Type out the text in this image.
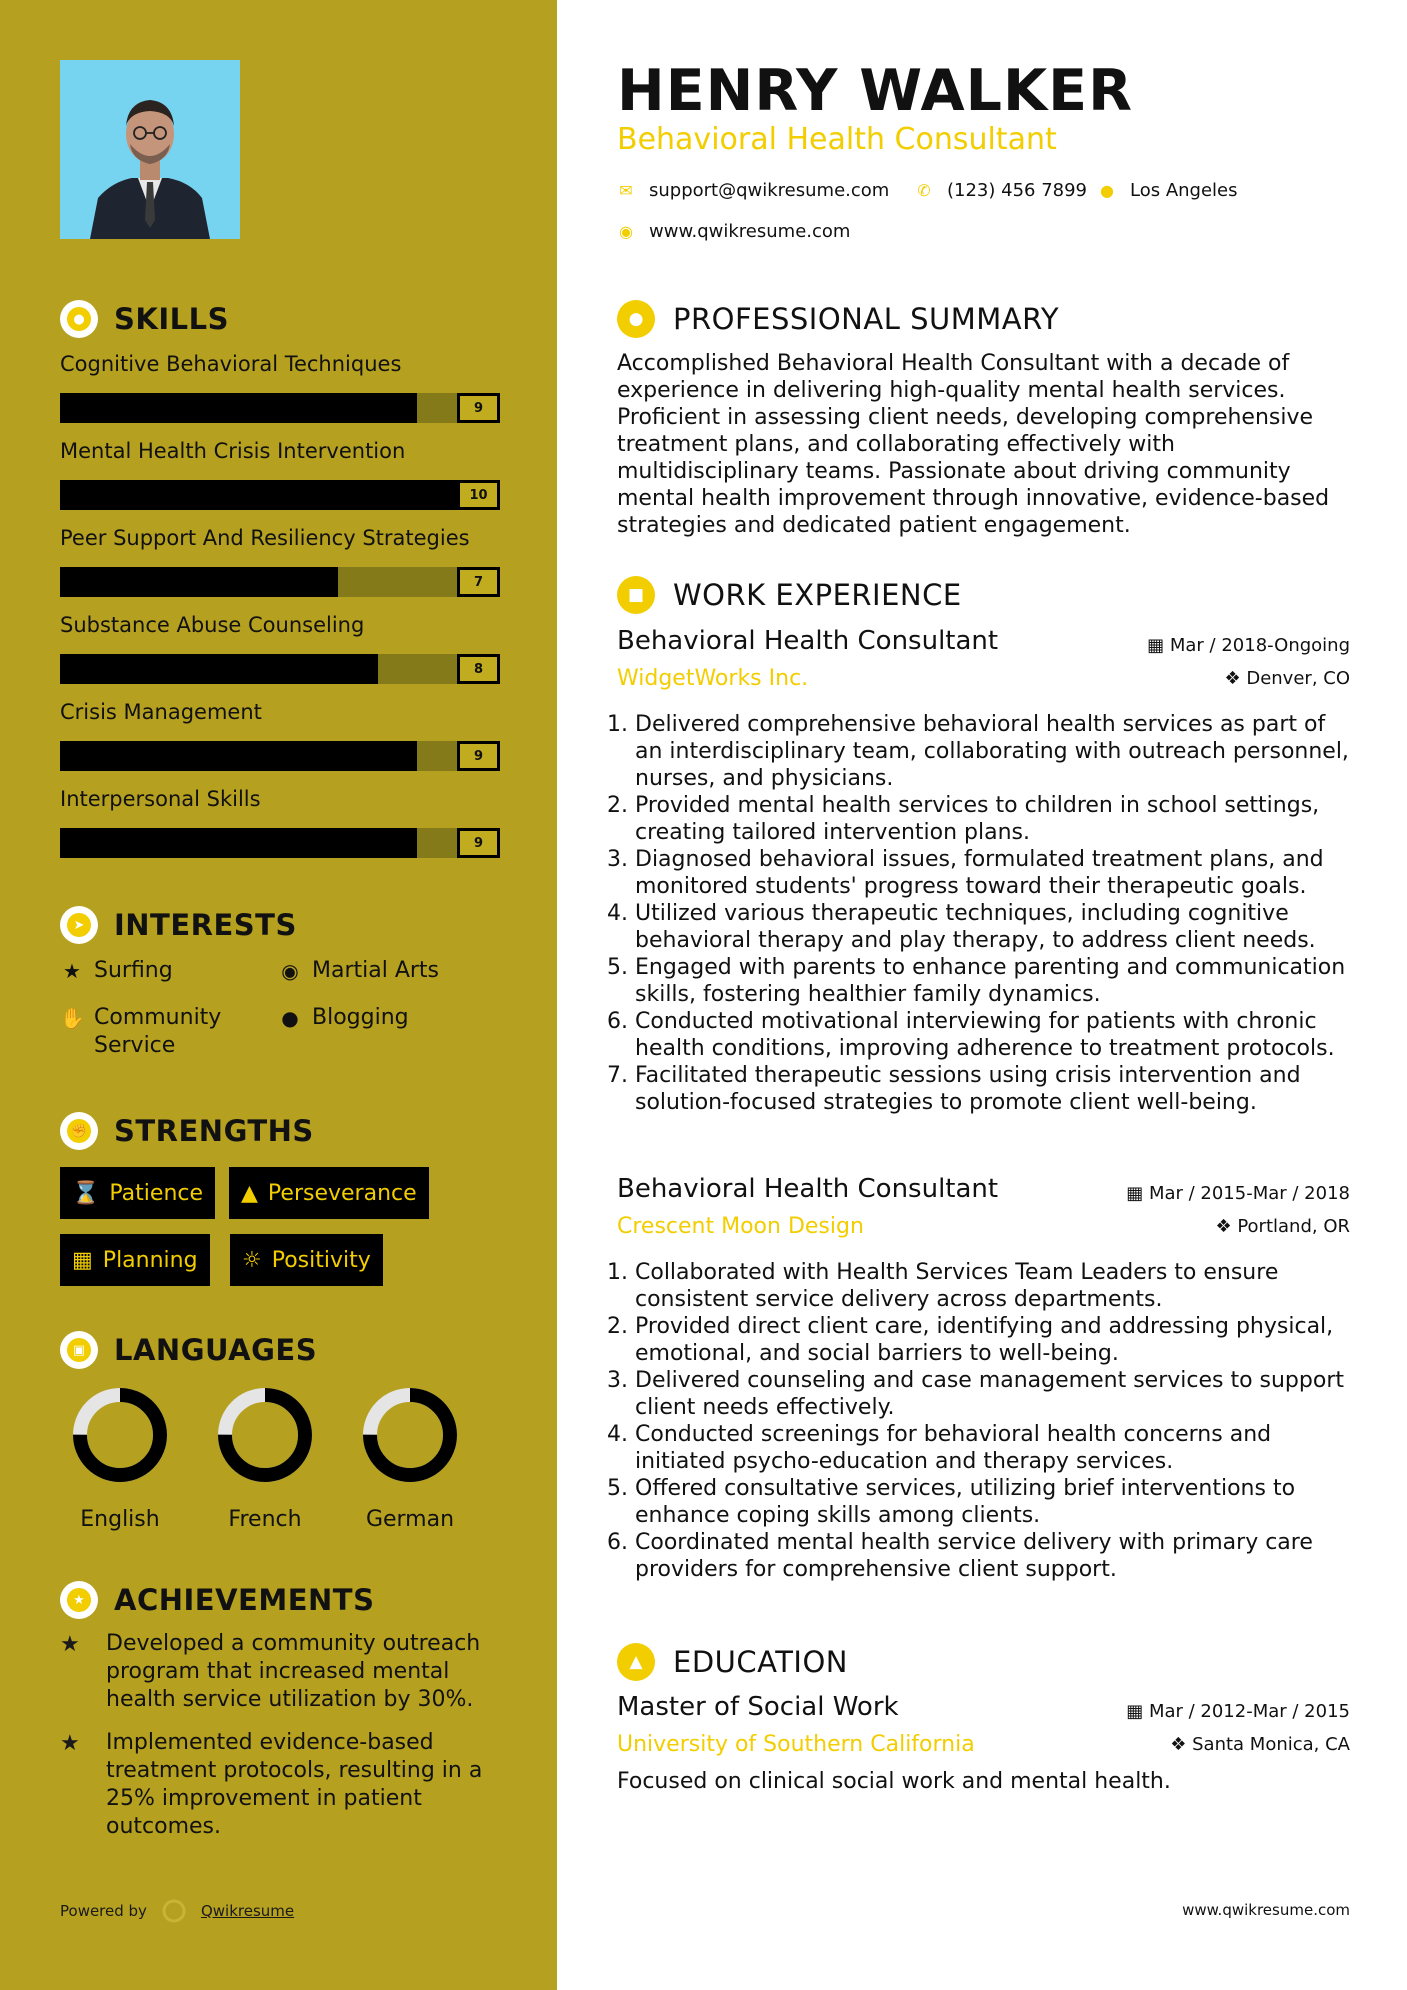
● SKILLS
Cognitive Behavioral Techniques
9
Mental Health Crisis Intervention
10
Peer Support And Resiliency Strategies
7
Substance Abuse Counseling
8
Crisis Management
9
Interpersonal Skills
9
➤ INTERESTS
★ Surfing	◉ Martial Arts
✋ Community Service
● Blogging
✊ STRENGTHS
⌛ Patience ▲ Perseverance
▦ Planning ☼ Positivity
▣ LANGUAGES
English	French	German
★ ACHIEVEMENTS
★	Developed a community outreach program that increased mental health service utilization by 30%.
★	Implemented evidence-based treatment protocols, resulting in a 25% improvement in patient outcomes.
Powered by	Qwikresume
HENRY WALKER
Behavioral Health Consultant
✉ support@qwikresume.com ✆ (123) 456 7899 ● Los Angeles
◉ www.qwikresume.com
●	PROFESSIONAL SUMMARY
Accomplished Behavioral Health Consultant with a decade of experience in delivering high-quality mental health services. Proficient in assessing client needs, developing comprehensive treatment plans, and collaborating effectively with multidisciplinary teams. Passionate about driving community mental health improvement through innovative, evidence-based strategies and dedicated patient engagement.
■ WORK EXPERIENCE
Behavioral Health Consultant	▦ Mar / 2018-Ongoing
WidgetWorks Inc.	❖ Denver, CO
1. Delivered comprehensive behavioral health services as part of an interdisciplinary team, collaborating with outreach personnel, nurses, and physicians.
2. Provided mental health services to children in school settings, creating tailored intervention plans.
3. Diagnosed behavioral issues, formulated treatment plans, and monitored students' progress toward their therapeutic goals.
4. Utilized various therapeutic techniques, including cognitive behavioral therapy and play therapy, to address client needs.
5. Engaged with parents to enhance parenting and communication skills, fostering healthier family dynamics.
6. Conducted motivational interviewing for patients with chronic health conditions, improving adherence to treatment protocols.
7. Facilitated therapeutic sessions using crisis intervention and solution-focused strategies to promote client well-being.
Behavioral Health Consultant	▦ Mar / 2015-Mar / 2018
Crescent Moon Design	❖ Portland, OR
1. Collaborated with Health Services Team Leaders to ensure consistent service delivery across departments.
2. Provided direct client care, identifying and addressing physical, emotional, and social barriers to well-being.
3. Delivered counseling and case management services to support client needs effectively.
4. Conducted screenings for behavioral health concerns and initiated psycho-education and therapy services.
5. Offered consultative services, utilizing brief interventions to enhance coping skills among clients.
6. Coordinated mental health service delivery with primary care providers for comprehensive client support.
▲	EDUCATION
Master of Social Work	▦ Mar / 2012-Mar / 2015
University of Southern California	❖ Santa Monica, CA
Focused on clinical social work and mental health.
www.qwikresume.com
